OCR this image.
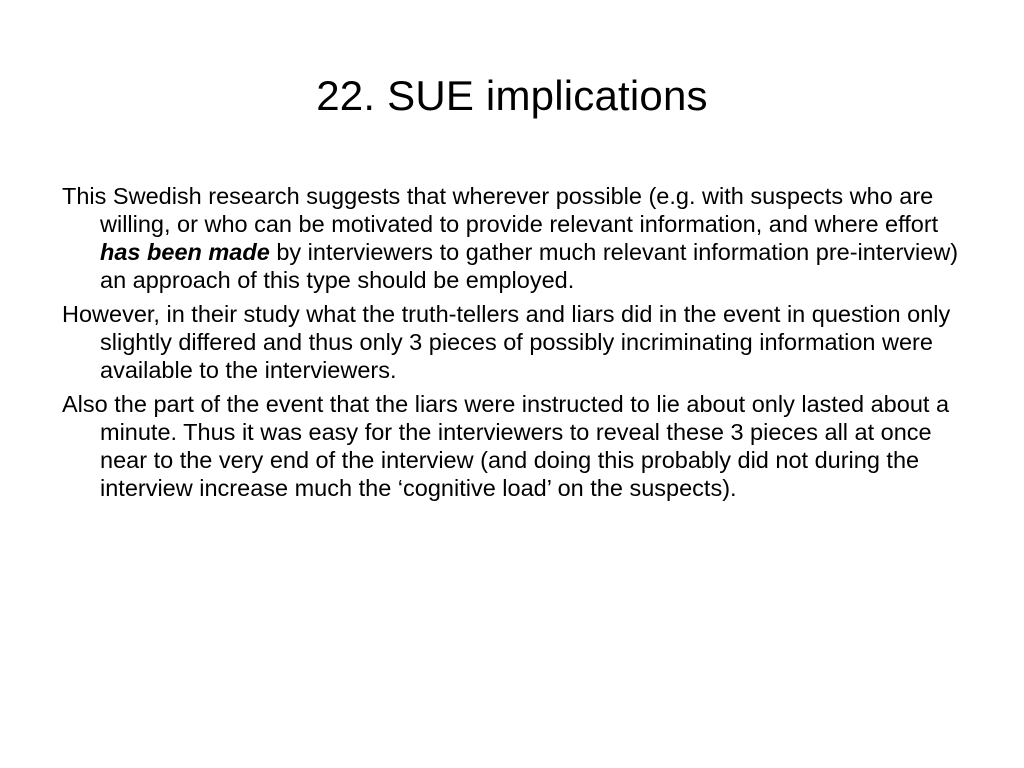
22. SUE implications
This Swedish research suggests that wherever possible (e.g. with suspects who are willing, or who can be motivated to provide relevant information, and where effort has been made by interviewers to gather much relevant information pre-interview) an approach of this type should be employed.
However, in their study what the truth-tellers and liars did in the event in question only slightly differed and thus only 3 pieces of possibly incriminating information were available to the interviewers.
Also the part of the event that the liars were instructed to lie about only lasted about a minute. Thus it was easy for the interviewers to reveal these 3 pieces all at once near to the very end of the interview (and doing this probably did not during the interview increase much the ‘cognitive load’ on the suspects).
